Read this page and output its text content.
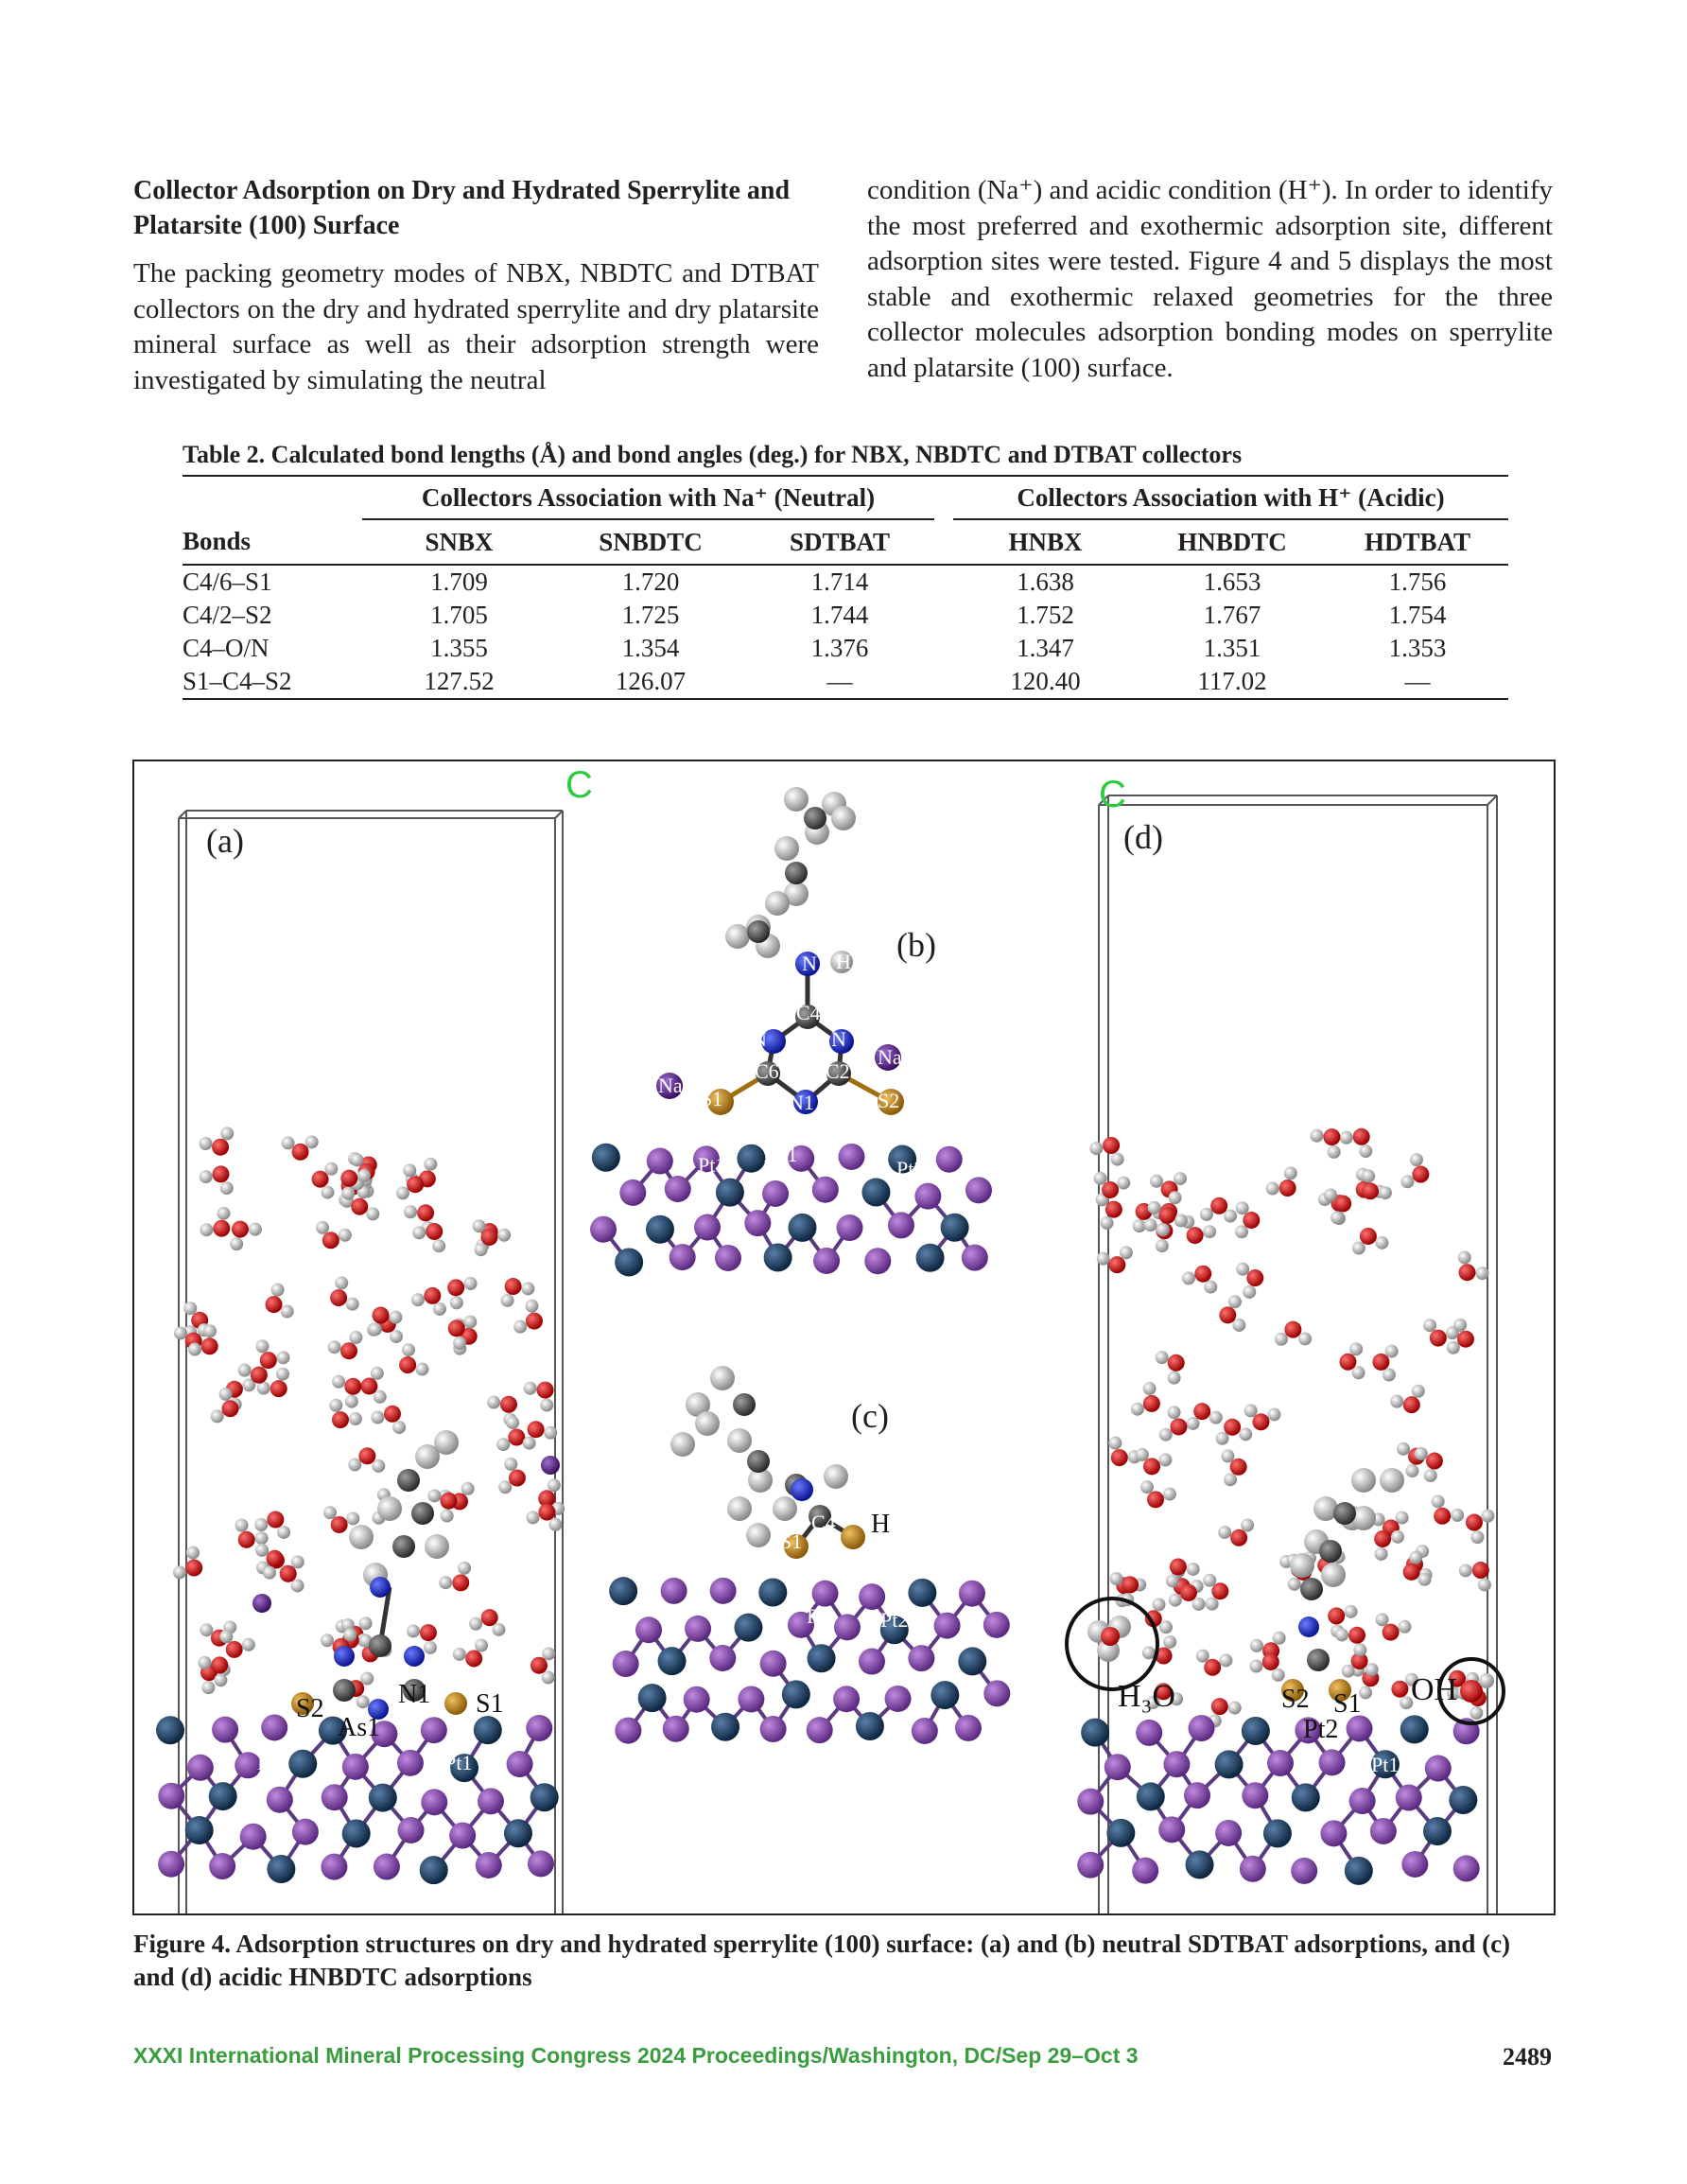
Collector Adsorption on Dry and Hydrated Sperrylite and Platarsite (100) Surface

The packing geometry modes of NBX, NBDTC and DTBAT collectors on the dry and hydrated sperrylite and dry platarsite mineral surface as well as their adsorption strength were investigated by simulating the neutral

condition (Na⁺) and acidic condition (H⁺). In order to identify the most preferred and exothermic adsorption site, different adsorption sites were tested. Figure 4 and 5 displays the most stable and exothermic relaxed geometries for the three collector molecules adsorption bonding modes on sperrylite and platarsite (100) surface.

Table 2. Calculated bond lengths (Å) and bond angles (deg.) for NBX, NBDTC and DTBAT collectors
	Collectors Association with Na⁺ (Neutral)				Collectors Association with H⁺ (Acidic)		
Bonds	SNBX	SNBDTC	SDTBAT		HNBX	HNBDTC	HDTBAT
C4/6–S1	1.709	1.720	1.714		1.638	1.653	1.756
C4/2–S2	1.705	1.725	1.744		1.752	1.767	1.754
C4–O/N	1.355	1.354	1.376		1.347	1.351	1.353
S1–C4–S2	127.52	126.07	—		120.40	117.02	—
C	C
(a)
(b)
(c)
(d)
S2
As1
N1 S1
Pt2	Pt1
N H
C4
N	N
C6 C2
Na
Na
S1	N1	S2
Pt1 As1
Pt2
S1
C4 H
S2
Pt1 Pt2
H₃O	OH
S2 S1
Pt2
Pt1
Figure 4. Adsorption structures on dry and hydrated sperrylite (100) surface: (a) and (b) neutral SDTBAT adsorptions, and (c) and (d) acidic HNBDTC adsorptions
XXXI International Mineral Processing Congress 2024 Proceedings/Washington, DC/Sep 29–Oct 3	2489
